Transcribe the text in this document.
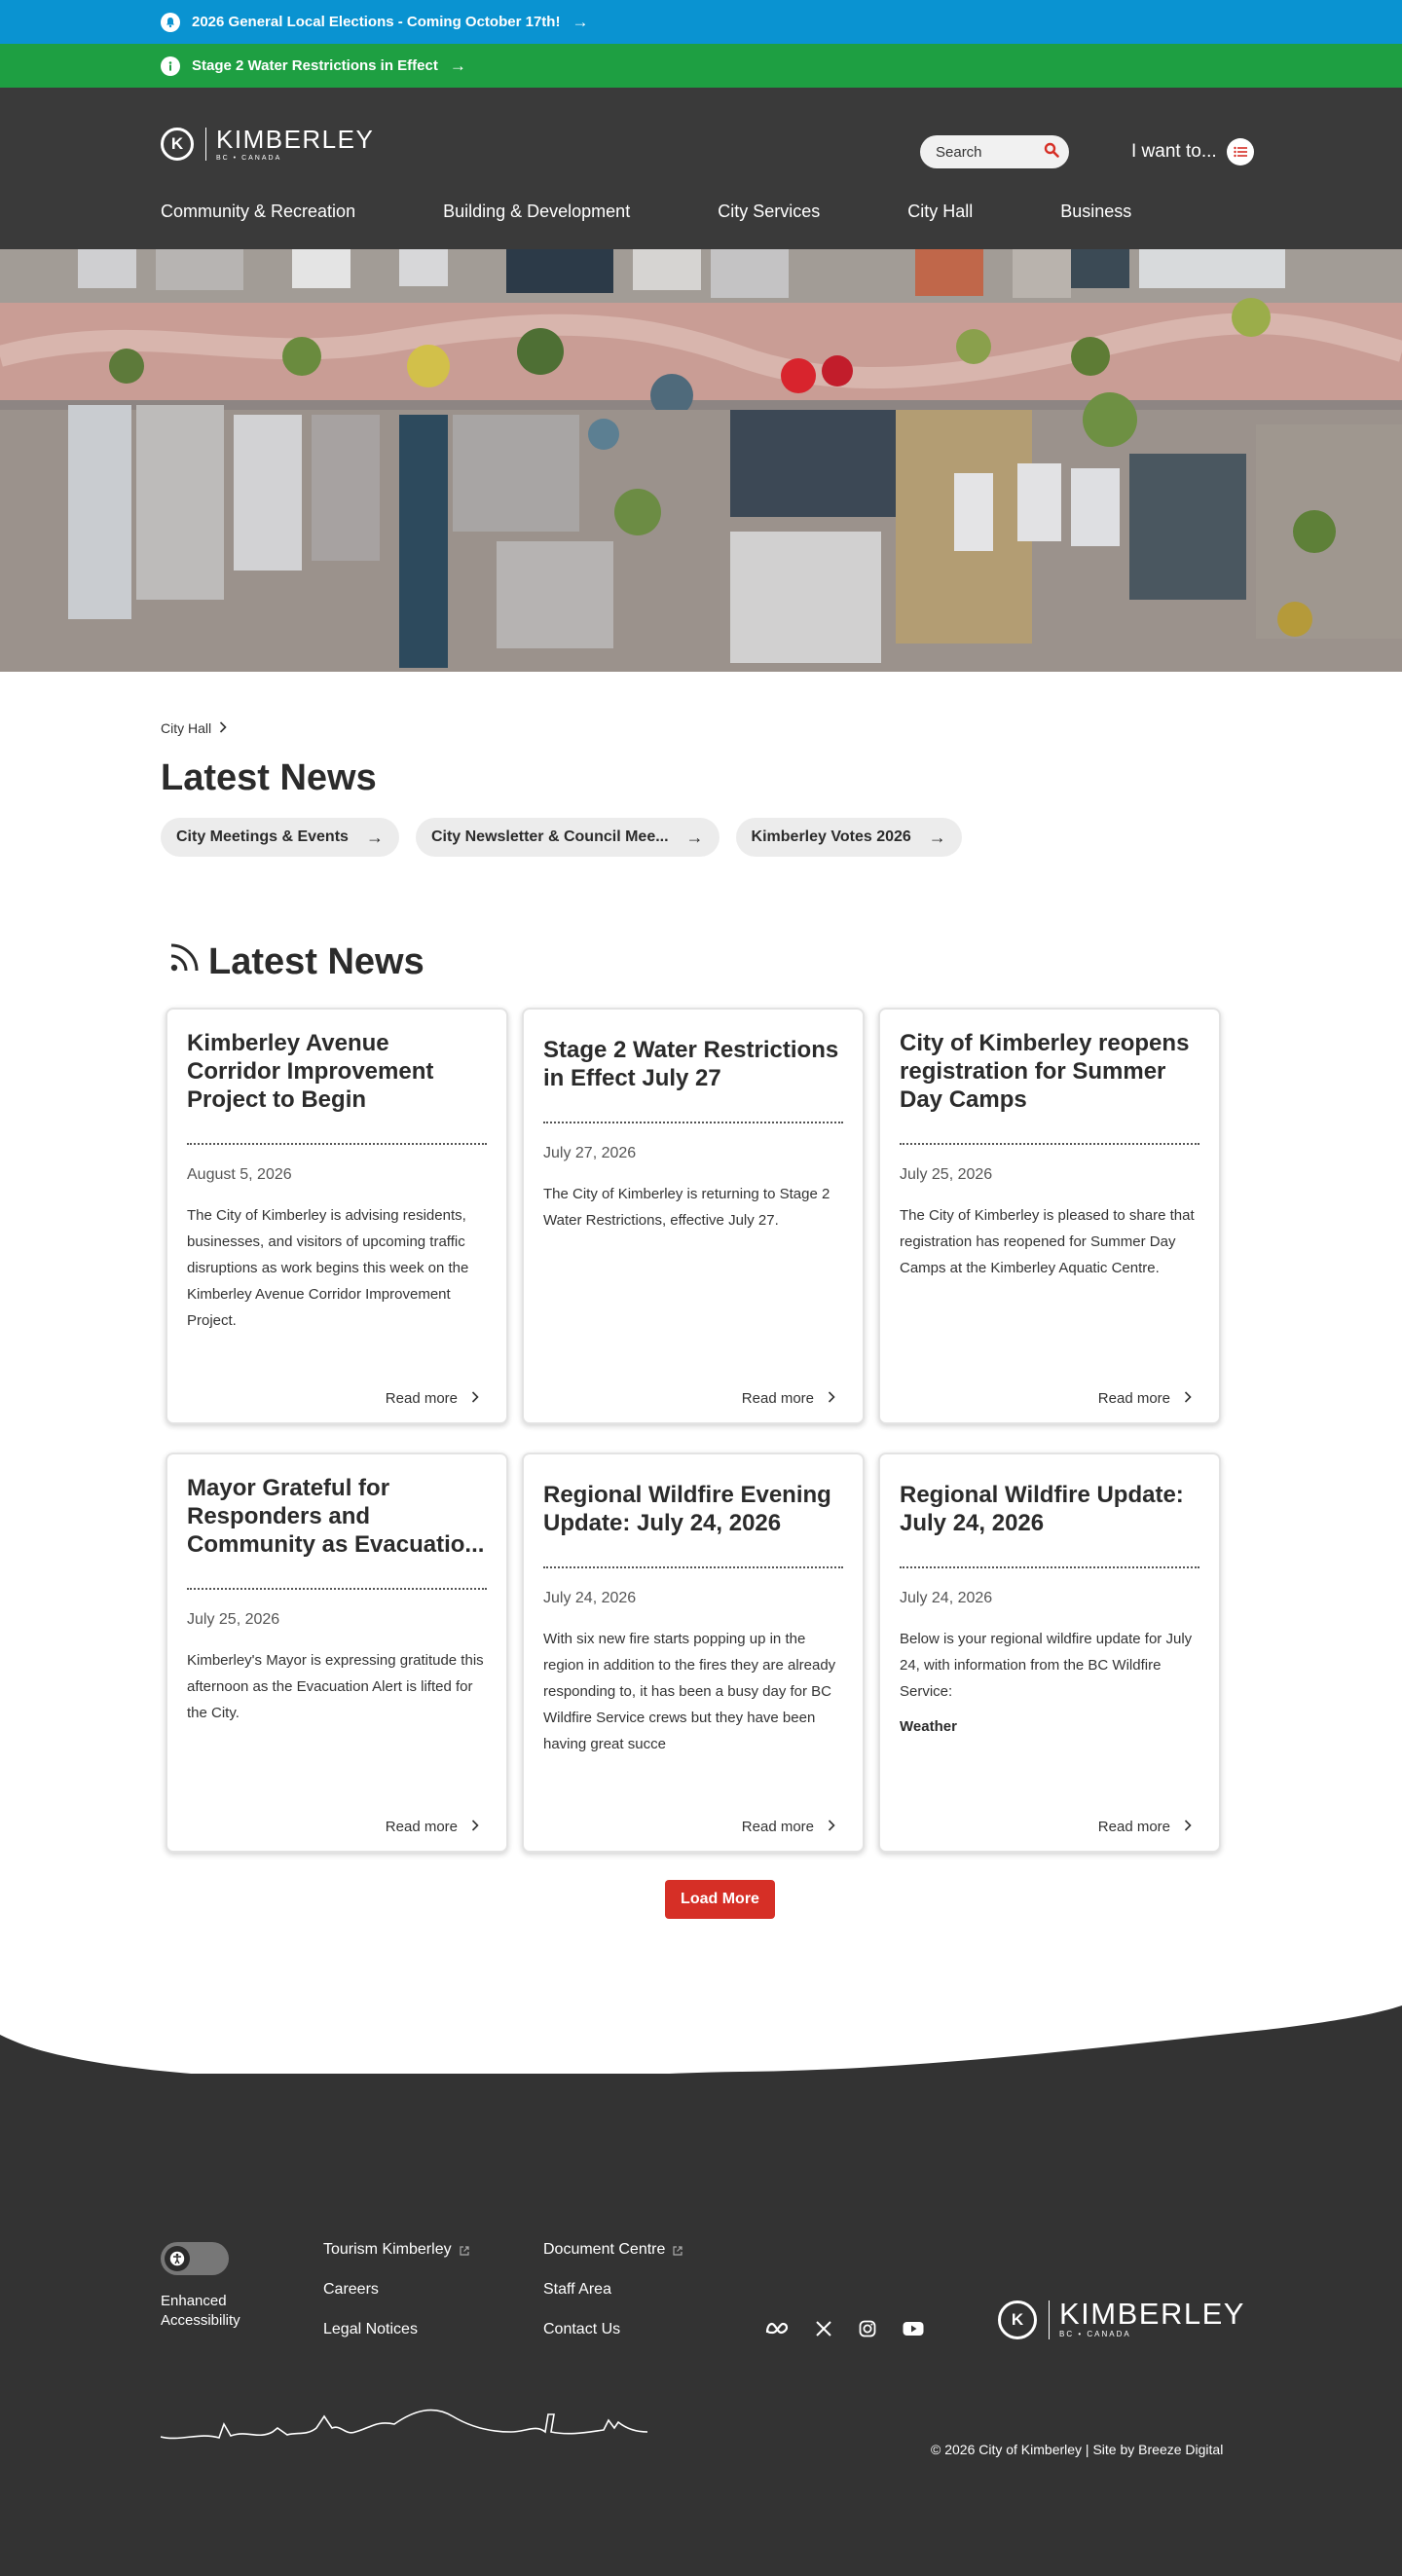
2026 General Local Elections - Coming October 17th! →
Stage 2 Water Restrictions in Effect →
K	KIMBERLEY
BC • CANADA	Search	I want to...
Community & Recreation	Building & Development	City Services	City Hall	Business
City Hall
Latest News
City Meetings & Events →	City Newsletter & Council Mee... →	Kimberley Votes 2026 →
Latest News
Kimberley Avenue Corridor Improvement Project to Begin
August 5, 2026
The City of Kimberley is advising residents, businesses, and visitors of upcoming traffic disruptions as work begins this week on the Kimberley Avenue Corridor Improvement Project.
Read more
Stage 2 Water Restrictions in Effect July 27
July 27, 2026
The City of Kimberley is returning to Stage 2 Water Restrictions, effective July 27.
Read more
City of Kimberley reopens registration for Summer Day Camps
July 25, 2026
The City of Kimberley is pleased to share that registration has reopened for Summer Day Camps at the Kimberley Aquatic Centre.
Read more
Mayor Grateful for Responders and Community as Evacuatio...
July 25, 2026
Kimberley's Mayor is expressing gratitude this afternoon as the Evacuation Alert is lifted for the City.
Read more
Regional Wildfire Evening Update: July 24, 2026
July 24, 2026
With six new fire starts popping up in the region in addition to the fires they are already responding to, it has been a busy day for BC Wildfire Service crews but they have been having great succe
Read more
Regional Wildfire Update: July 24, 2026
July 24, 2026
Below is your regional wildfire update for July 24, with information from the BC Wildfire Service:
Weather
Read more
Load More
Enhanced
Accessibility
Tourism Kimberley
Careers
Legal Notices
Document Centre
Staff Area
Contact Us
K	KIMBERLEY
BC • CANADA
© 2026 City of Kimberley | Site by Breeze Digital
